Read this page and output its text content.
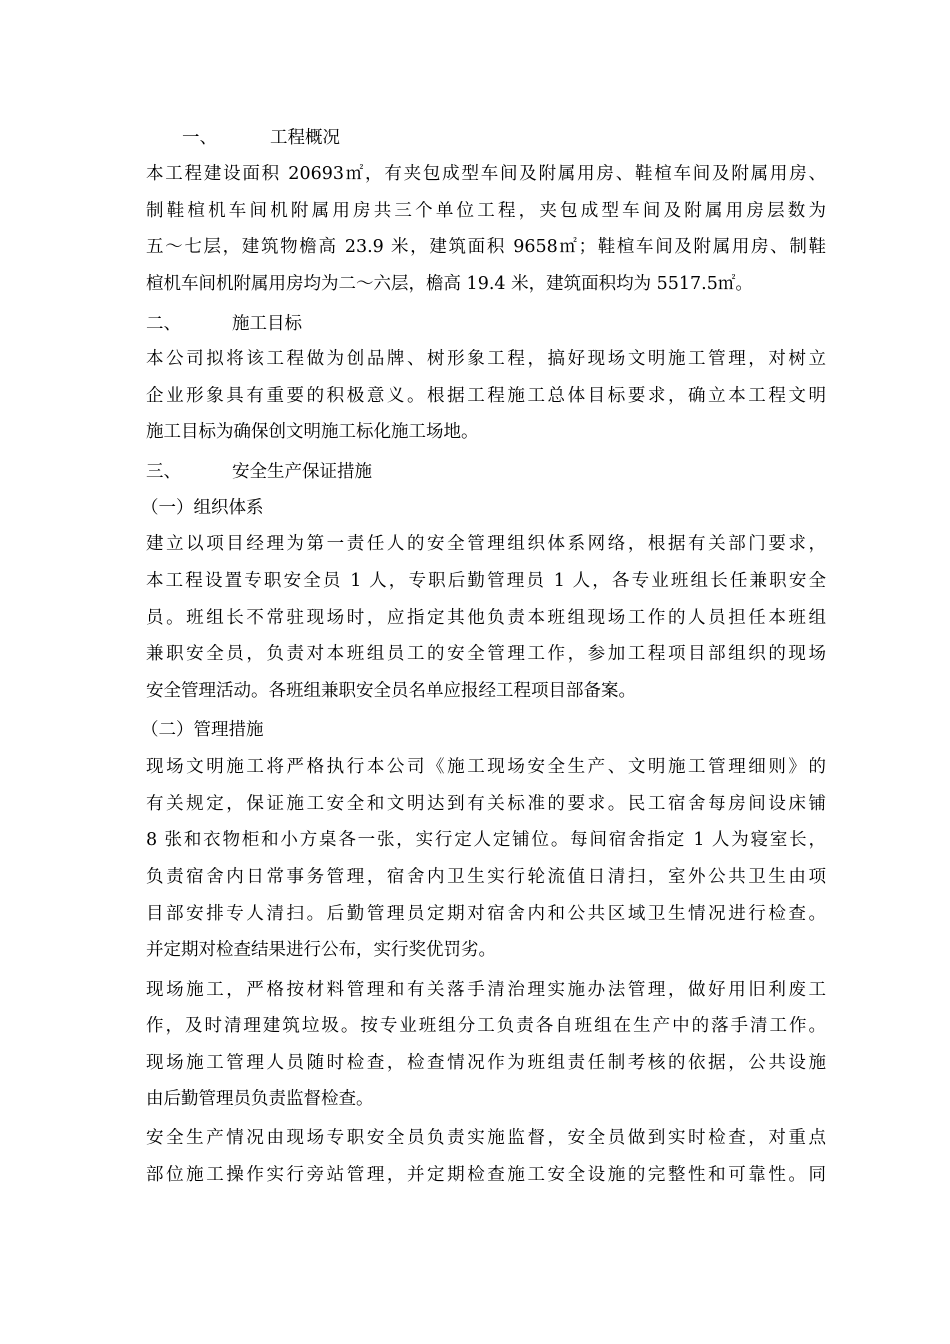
一、	工程概况
本工程建设面积 20693㎡，有夹包成型车间及附属用房、鞋楦车间及附属用房、
制鞋楦机车间机附属用房共三个单位工程，夹包成型车间及附属用房层数为
五～七层，建筑物檐高 23.9 米，建筑面积 9658㎡；鞋楦车间及附属用房、制鞋
楦机车间机附属用房均为二～六层，檐高 19.4 米，建筑面积均为 5517.5㎡。
二、	施工目标
本公司拟将该工程做为创品牌、树形象工程，搞好现场文明施工管理，对树立
企业形象具有重要的积极意义。根据工程施工总体目标要求，确立本工程文明
施工目标为确保创文明施工标化施工场地。
三、	安全生产保证措施
（一）组织体系
建立以项目经理为第一责任人的安全管理组织体系网络，根据有关部门要求，
本工程设置专职安全员 1 人，专职后勤管理员 1 人，各专业班组长任兼职安全
员。班组长不常驻现场时，应指定其他负责本班组现场工作的人员担任本班组
兼职安全员，负责对本班组员工的安全管理工作，参加工程项目部组织的现场
安全管理活动。各班组兼职安全员名单应报经工程项目部备案。
（二）管理措施
现场文明施工将严格执行本公司《施工现场安全生产、文明施工管理细则》的
有关规定，保证施工安全和文明达到有关标准的要求。民工宿舍每房间设床铺
8 张和衣物柜和小方桌各一张，实行定人定铺位。每间宿舍指定 1 人为寝室长，
负责宿舍内日常事务管理，宿舍内卫生实行轮流值日清扫，室外公共卫生由项
目部安排专人清扫。后勤管理员定期对宿舍内和公共区域卫生情况进行检查。
并定期对检查结果进行公布，实行奖优罚劣。
现场施工，严格按材料管理和有关落手清治理实施办法管理，做好用旧利废工
作，及时清理建筑垃圾。按专业班组分工负责各自班组在生产中的落手清工作。
现场施工管理人员随时检查，检查情况作为班组责任制考核的依据，公共设施
由后勤管理员负责监督检查。
安全生产情况由现场专职安全员负责实施监督，安全员做到实时检查，对重点
部位施工操作实行旁站管理，并定期检查施工安全设施的完整性和可靠性。同
